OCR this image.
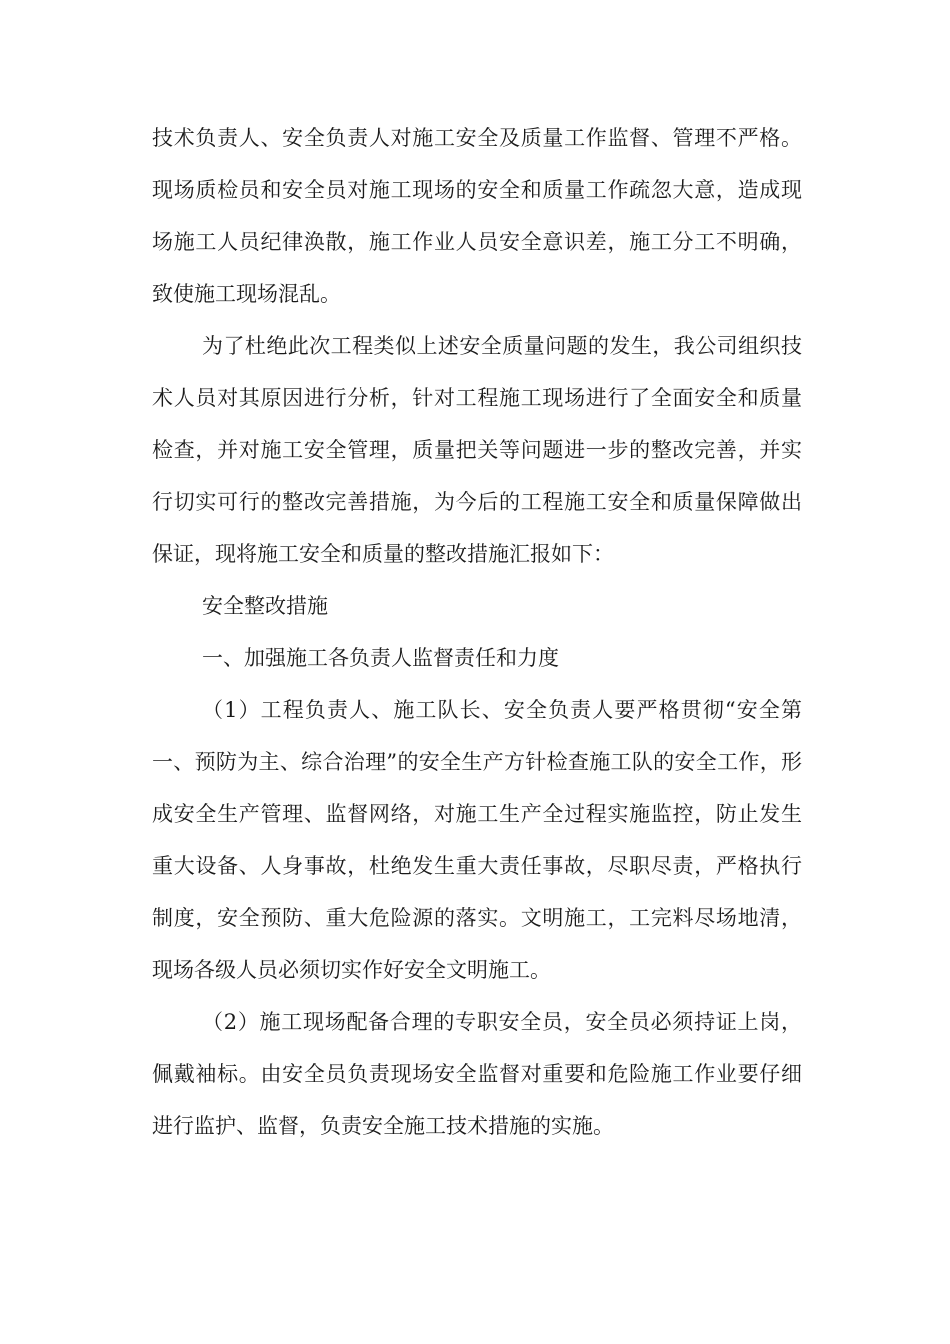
技术负责人、安全负责人对施工安全及质量工作监督、管理不严格。现场质检员和安全员对施工现场的安全和质量工作疏忽大意，造成现场施工人员纪律涣散，施工作业人员安全意识差，施工分工不明确，致使施工现场混乱。

为了杜绝此次工程类似上述安全质量问题的发生，我公司组织技术人员对其原因进行分析，针对工程施工现场进行了全面安全和质量检查，并对施工安全管理，质量把关等问题进一步的整改完善，并实行切实可行的整改完善措施，为今后的工程施工安全和质量保障做出保证，现将施工安全和质量的整改措施汇报如下：

安全整改措施

一、加强施工各负责人监督责任和力度

（1）工程负责人、施工队长、安全负责人要严格贯彻“安全第一、预防为主、综合治理”的安全生产方针检查施工队的安全工作，形成安全生产管理、监督网络，对施工生产全过程实施监控，防止发生重大设备、人身事故，杜绝发生重大责任事故，尽职尽责，严格执行制度，安全预防、重大危险源的落实。文明施工，工完料尽场地清，现场各级人员必须切实作好安全文明施工。

（2）施工现场配备合理的专职安全员，安全员必须持证上岗，佩戴袖标。由安全员负责现场安全监督对重要和危险施工作业要仔细进行监护、监督，负责安全施工技术措施的实施。
